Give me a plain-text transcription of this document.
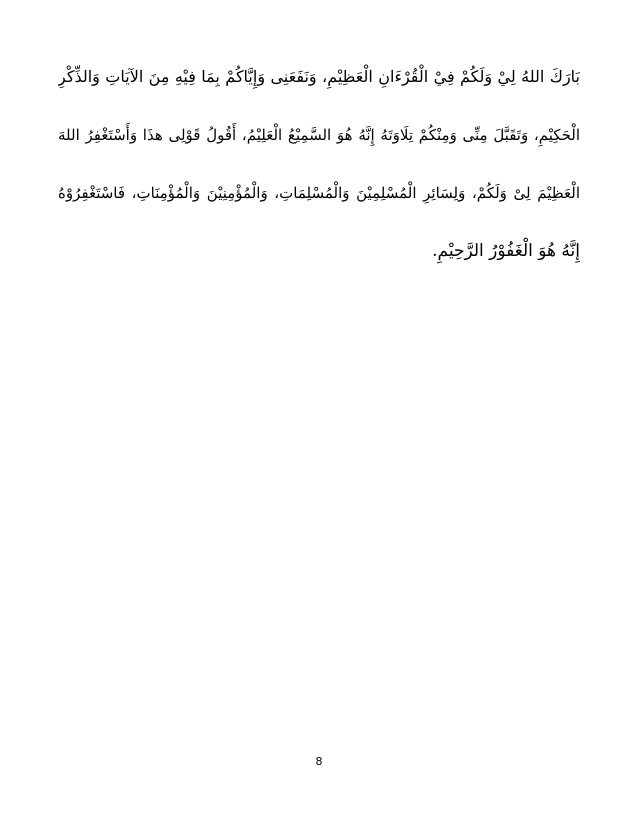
بَارَكَ اللهُ لِيْ وَلَكُمْ فِيْ الْقُرْءَانِ الْعَظِيْمِ، وَنَفَعَنِى وَإِيَّاكُمْ بِمَا فِيْهِ مِنَ الآيَاتِ وَالذِّكْرِ
الْحَكِيْمِ، وَتَقَبَّلَ مِنِّى وَمِنْكُمْ تِلَاوَتَهُ إِنَّهُ هُوَ السَّمِيْعُ الْعَلِيْمُ، أَقُولُ قَوْلِى هذَا وَأَسْتَغْفِرُ اللهَ
الْعَظِيْمَ لِىْ وَلَكُمْ، وَلِسَائِرِ الْمُسْلِمِيْنَ وَالْمُسْلِمَاتِ، وَالْمُؤْمِنِيْنَ وَالْمُؤْمِنَاتِ، فَاسْتَغْفِرُوْهُ
إِنَّهُ هُوَ الْغَفُوْرُ الرَّحِيْمِ.
8
